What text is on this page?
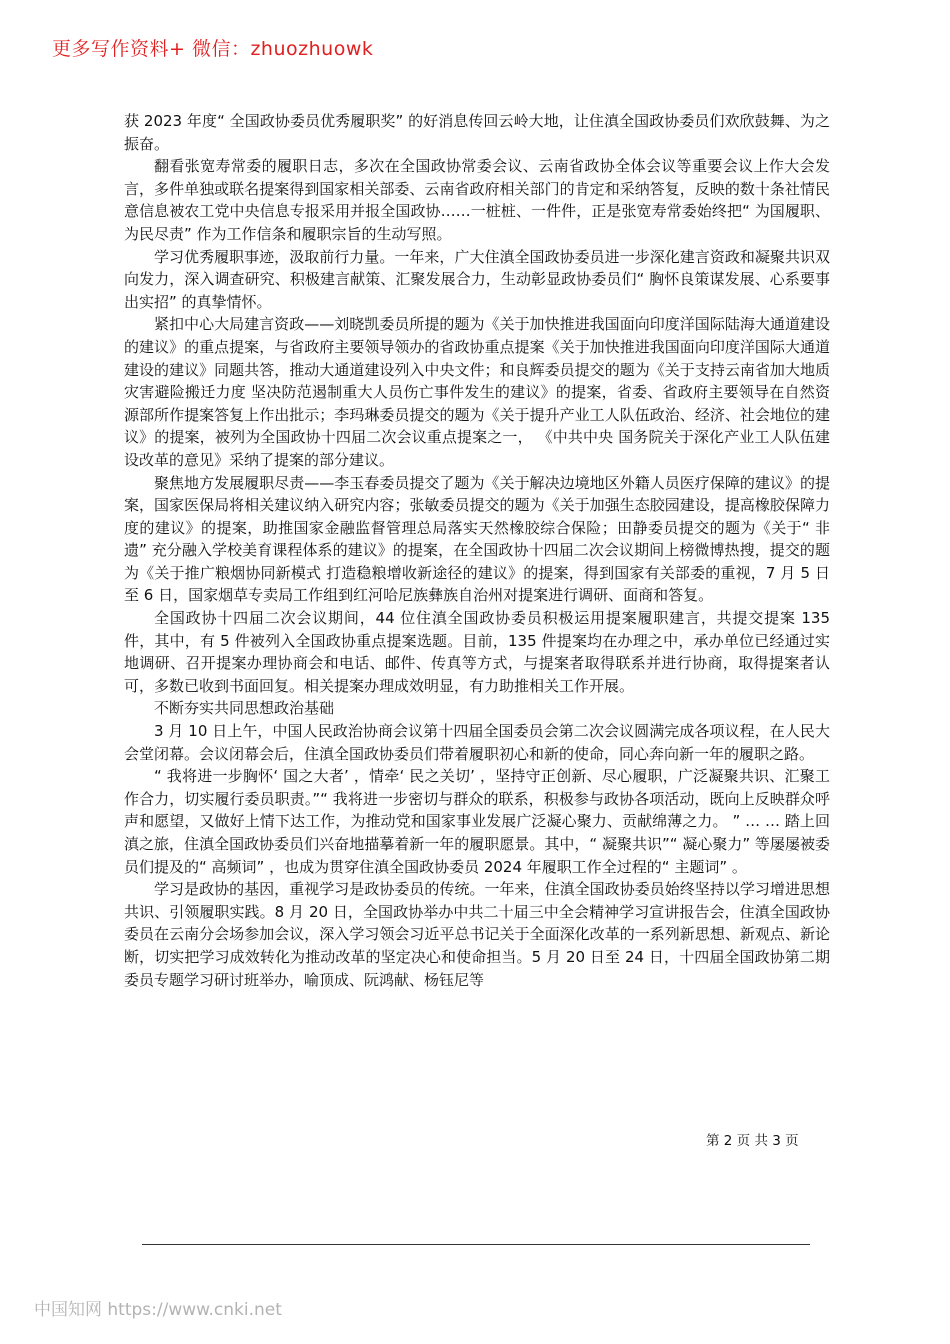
更多写作资料+ 微信：zhuozhuowk

获 2023 年度“ 全国政协委员优秀履职奖” 的好消息传回云岭大地，让住滇全国政协委员们欢欣鼓舞、为之振奋。

翻看张宽寿常委的履职日志，多次在全国政协常委会议、云南省政协全体会议等重要会议上作大会发言，多件单独或联名提案得到国家相关部委、云南省政府相关部门的肯定和采纳答复，反映的数十条社情民意信息被农工党中央信息专报采用并报全国政协……一桩桩、一件件，正是张宽寿常委始终把“ 为国履职、为民尽责” 作为工作信条和履职宗旨的生动写照。

学习优秀履职事迹，汲取前行力量。一年来，广大住滇全国政协委员进一步深化建言资政和凝聚共识双向发力，深入调查研究、积极建言献策、汇聚发展合力，生动彰显政协委员们“ 胸怀良策谋发展、心系要事出实招” 的真挚情怀。

紧扣中心大局建言资政——刘晓凯委员所提的题为《关于加快推进我国面向印度洋国际陆海大通道建设的建议》的重点提案，与省政府主要领导领办的省政协重点提案《关于加快推进我国面向印度洋国际大通道建设的建议》同题共答，推动大通道建设列入中央文件；和良辉委员提交的题为《关于支持云南省加大地质灾害避险搬迁力度 坚决防范遏制重大人员伤亡事件发生的建议》的提案，省委、省政府主要领导在自然资源部所作提案答复上作出批示；李玛琳委员提交的题为《关于提升产业工人队伍政治、经济、社会地位的建议》的提案，被列为全国政协十四届二次会议重点提案之一， 《中共中央 国务院关于深化产业工人队伍建设改革的意见》采纳了提案的部分建议。

聚焦地方发展履职尽责——李玉春委员提交了题为《关于解决边境地区外籍人员医疗保障的建议》的提案，国家医保局将相关建议纳入研究内容；张敏委员提交的题为《关于加强生态胶园建设，提高橡胶保障力度的建议》的提案，助推国家金融监督管理总局落实天然橡胶综合保险；田静委员提交的题为《关于“ 非遗” 充分融入学校美育课程体系的建议》的提案，在全国政协十四届二次会议期间上榜微博热搜，提交的题为《关于推广粮烟协同新模式 打造稳粮增收新途径的建议》的提案，得到国家有关部委的重视，7 月 5 日至 6 日，国家烟草专卖局工作组到红河哈尼族彝族自治州对提案进行调研、面商和答复。

全国政协十四届二次会议期间，44 位住滇全国政协委员积极运用提案履职建言，共提交提案 135 件，其中，有 5 件被列入全国政协重点提案选题。目前，135 件提案均在办理之中，承办单位已经通过实地调研、召开提案办理协商会和电话、邮件、传真等方式，与提案者取得联系并进行协商，取得提案者认可，多数已收到书面回复。相关提案办理成效明显，有力助推相关工作开展。

不断夯实共同思想政治基础

3 月 10 日上午，中国人民政治协商会议第十四届全国委员会第二次会议圆满完成各项议程，在人民大会堂闭幕。会议闭幕会后，住滇全国政协委员们带着履职初心和新的使命，同心奔向新一年的履职之路。

“ 我将进一步胸怀‘ 国之大者’ ，情牵‘ 民之关切’ ，坚持守正创新、尽心履职，广泛凝聚共识、汇聚工作合力，切实履行委员职责。”“ 我将进一步密切与群众的联系，积极参与政协各项活动，既向上反映群众呼声和愿望，又做好上情下达工作，为推动党和国家事业发展广泛凝心聚力、贡献绵薄之力。 ” … … 踏上回滇之旅，住滇全国政协委员们兴奋地描摹着新一年的履职愿景。其中，“ 凝聚共识”“ 凝心聚力” 等屡屡被委员们提及的“ 高频词” ，也成为贯穿住滇全国政协委员 2024 年履职工作全过程的“ 主题词” 。

学习是政协的基因，重视学习是政协委员的传统。一年来，住滇全国政协委员始终坚持以学习增进思想共识、引领履职实践。8 月 20 日，全国政协举办中共二十届三中全会精神学习宣讲报告会，住滇全国政协委员在云南分会场参加会议，深入学习领会习近平总书记关于全面深化改革的一系列新思想、新观点、新论断，切实把学习成效转化为推动改革的坚定决心和使命担当。5 月 20 日至 24 日，十四届全国政协第二期委员专题学习研讨班举办，喻顶成、阮鸿献、杨钰尼等

第 2 页 共 3 页
中国知网 https://www.cnki.net
